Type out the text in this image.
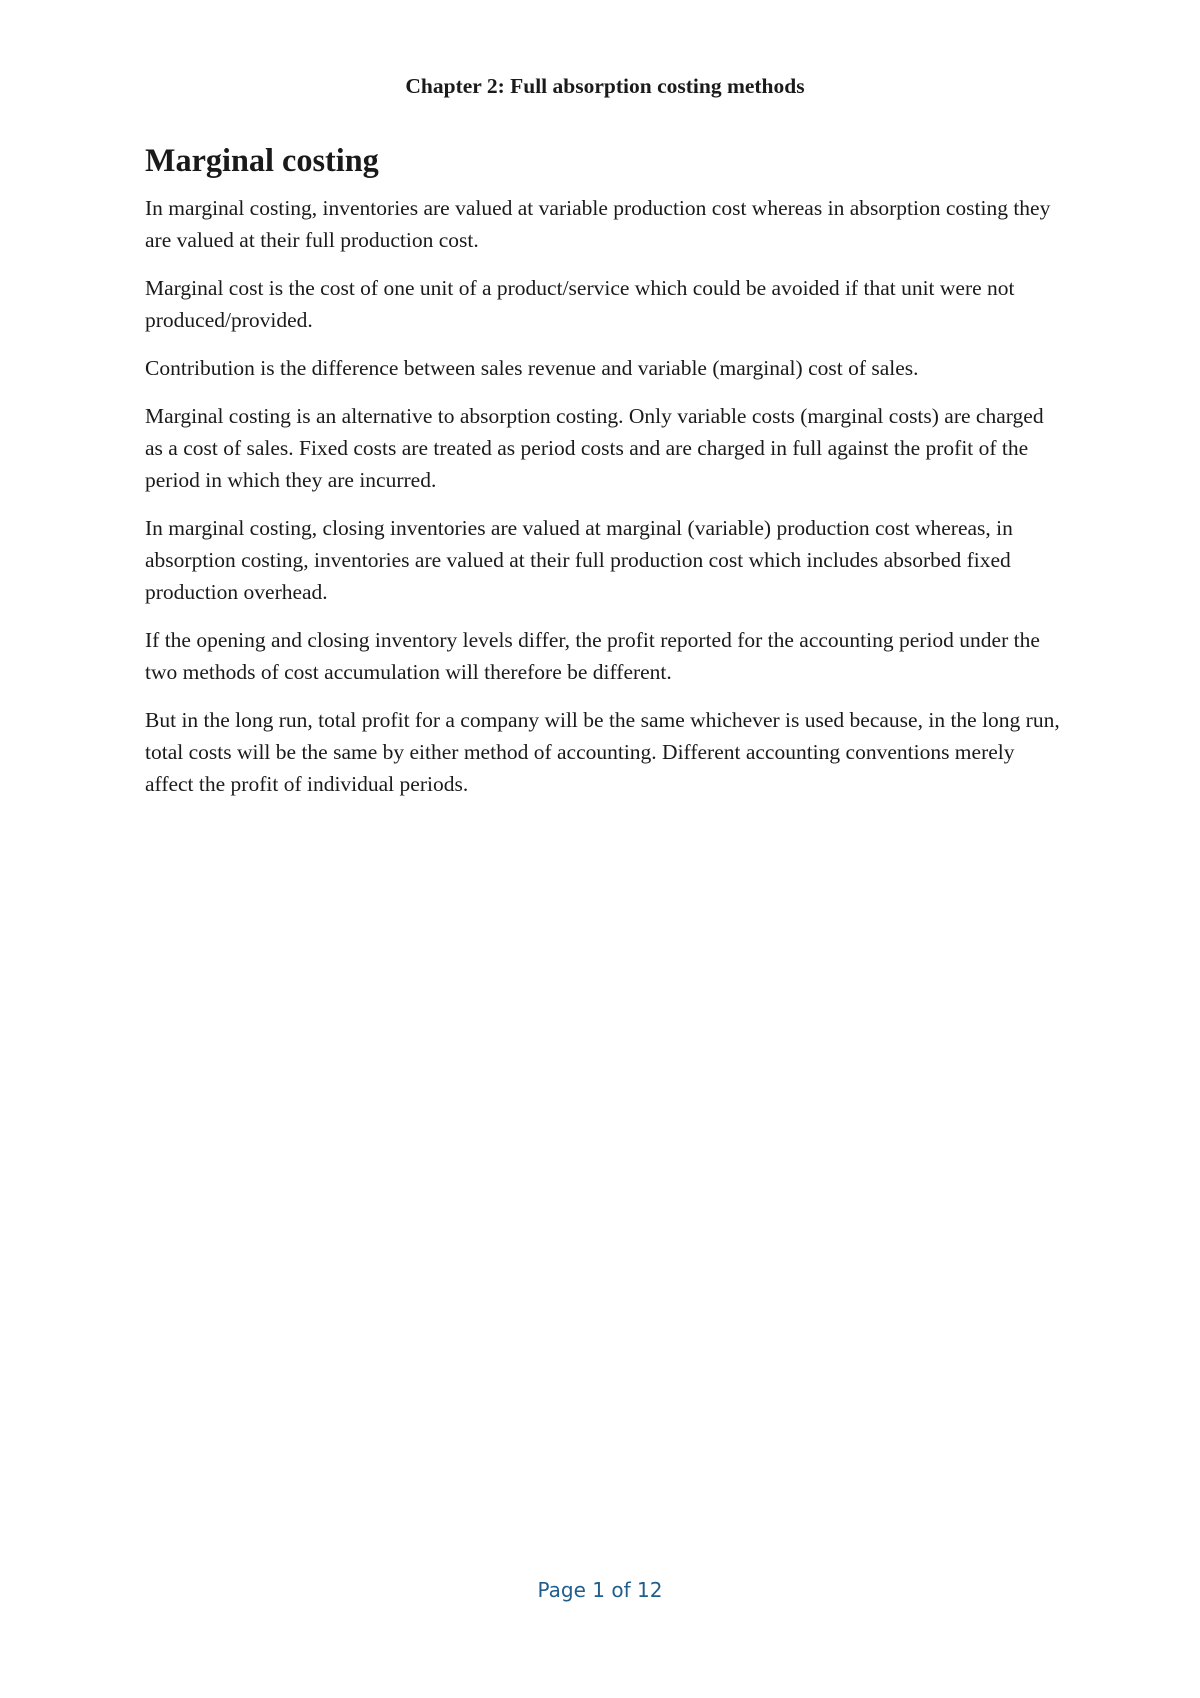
Chapter 2: Full absorption costing methods
Marginal costing

In marginal costing, inventories are valued at variable production cost whereas in absorption costing they are valued at their full production cost.

Marginal cost is the cost of one unit of a product/service which could be avoided if that unit were not produced/provided.

Contribution is the difference between sales revenue and variable (marginal) cost of sales.

Marginal costing is an alternative to absorption costing. Only variable costs (marginal costs) are charged as a cost of sales. Fixed costs are treated as period costs and are charged in full against the profit of the period in which they are incurred.

In marginal costing, closing inventories are valued at marginal (variable) production cost whereas, in absorption costing, inventories are valued at their full production cost which includes absorbed fixed production overhead.

If the opening and closing inventory levels differ, the profit reported for the accounting period under the two methods of cost accumulation will therefore be different.

But in the long run, total profit for a company will be the same whichever is used because, in the long run, total costs will be the same by either method of accounting. Different accounting conventions merely affect the profit of individual periods.

Page 1 of 12
